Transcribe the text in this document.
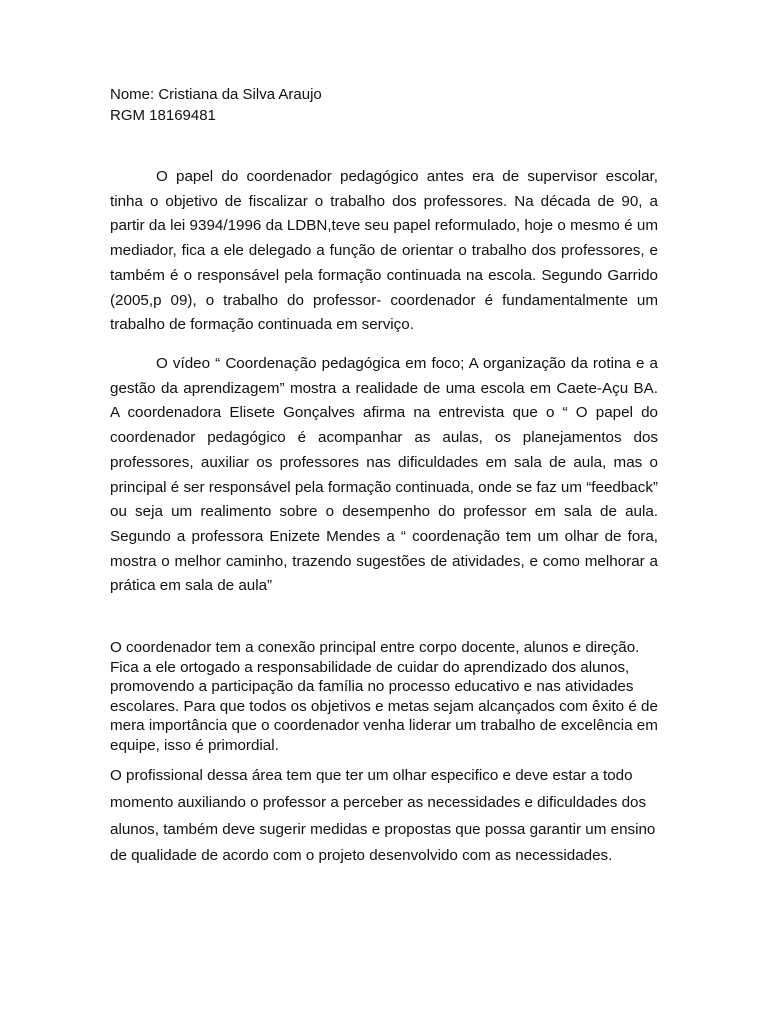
Nome: Cristiana da Silva Araujo
RGM 18169481

O papel do coordenador pedagógico antes era de supervisor escolar, tinha o objetivo de fiscalizar o trabalho dos professores. Na década de 90, a partir da lei 9394/1996 da LDBN,teve seu papel reformulado, hoje o mesmo é um mediador, fica a ele delegado a função de orientar o trabalho dos professores, e também é o responsável pela formação continuada na escola. Segundo Garrido (2005,p 09), o trabalho do professor- coordenador é fundamentalmente um trabalho de formação continuada em serviço.

O vídeo “ Coordenação pedagógica em foco; A organização da rotina e a gestão da aprendizagem” mostra a realidade de uma escola em Caete-Açu BA. A coordenadora Elisete Gonçalves afirma na entrevista que o “ O papel do coordenador pedagógico é acompanhar as aulas, os planejamentos dos professores, auxiliar os professores nas dificuldades em sala de aula, mas o principal é ser responsável pela formação continuada, onde se faz um “feedback” ou seja um realimento sobre o desempenho do professor em sala de aula. Segundo a professora Enizete Mendes a “ coordenação tem um olhar de fora, mostra o melhor caminho, trazendo sugestões de atividades, e como melhorar a prática em sala de aula”

O coordenador tem a conexão principal entre corpo docente, alunos e direção. Fica a ele ortogado a responsabilidade de cuidar do aprendizado dos alunos, promovendo a participação da família no processo educativo e nas atividades escolares. Para que todos os objetivos e metas sejam alcançados com êxito é de mera importância que o coordenador venha liderar um trabalho de excelência em equipe, isso é primordial.

O profissional dessa área tem que ter um olhar especifico e deve estar a todo momento auxiliando o professor a perceber as necessidades e dificuldades dos alunos, também deve sugerir medidas e propostas que possa garantir um ensino de qualidade de acordo com o projeto desenvolvido com as necessidades.
